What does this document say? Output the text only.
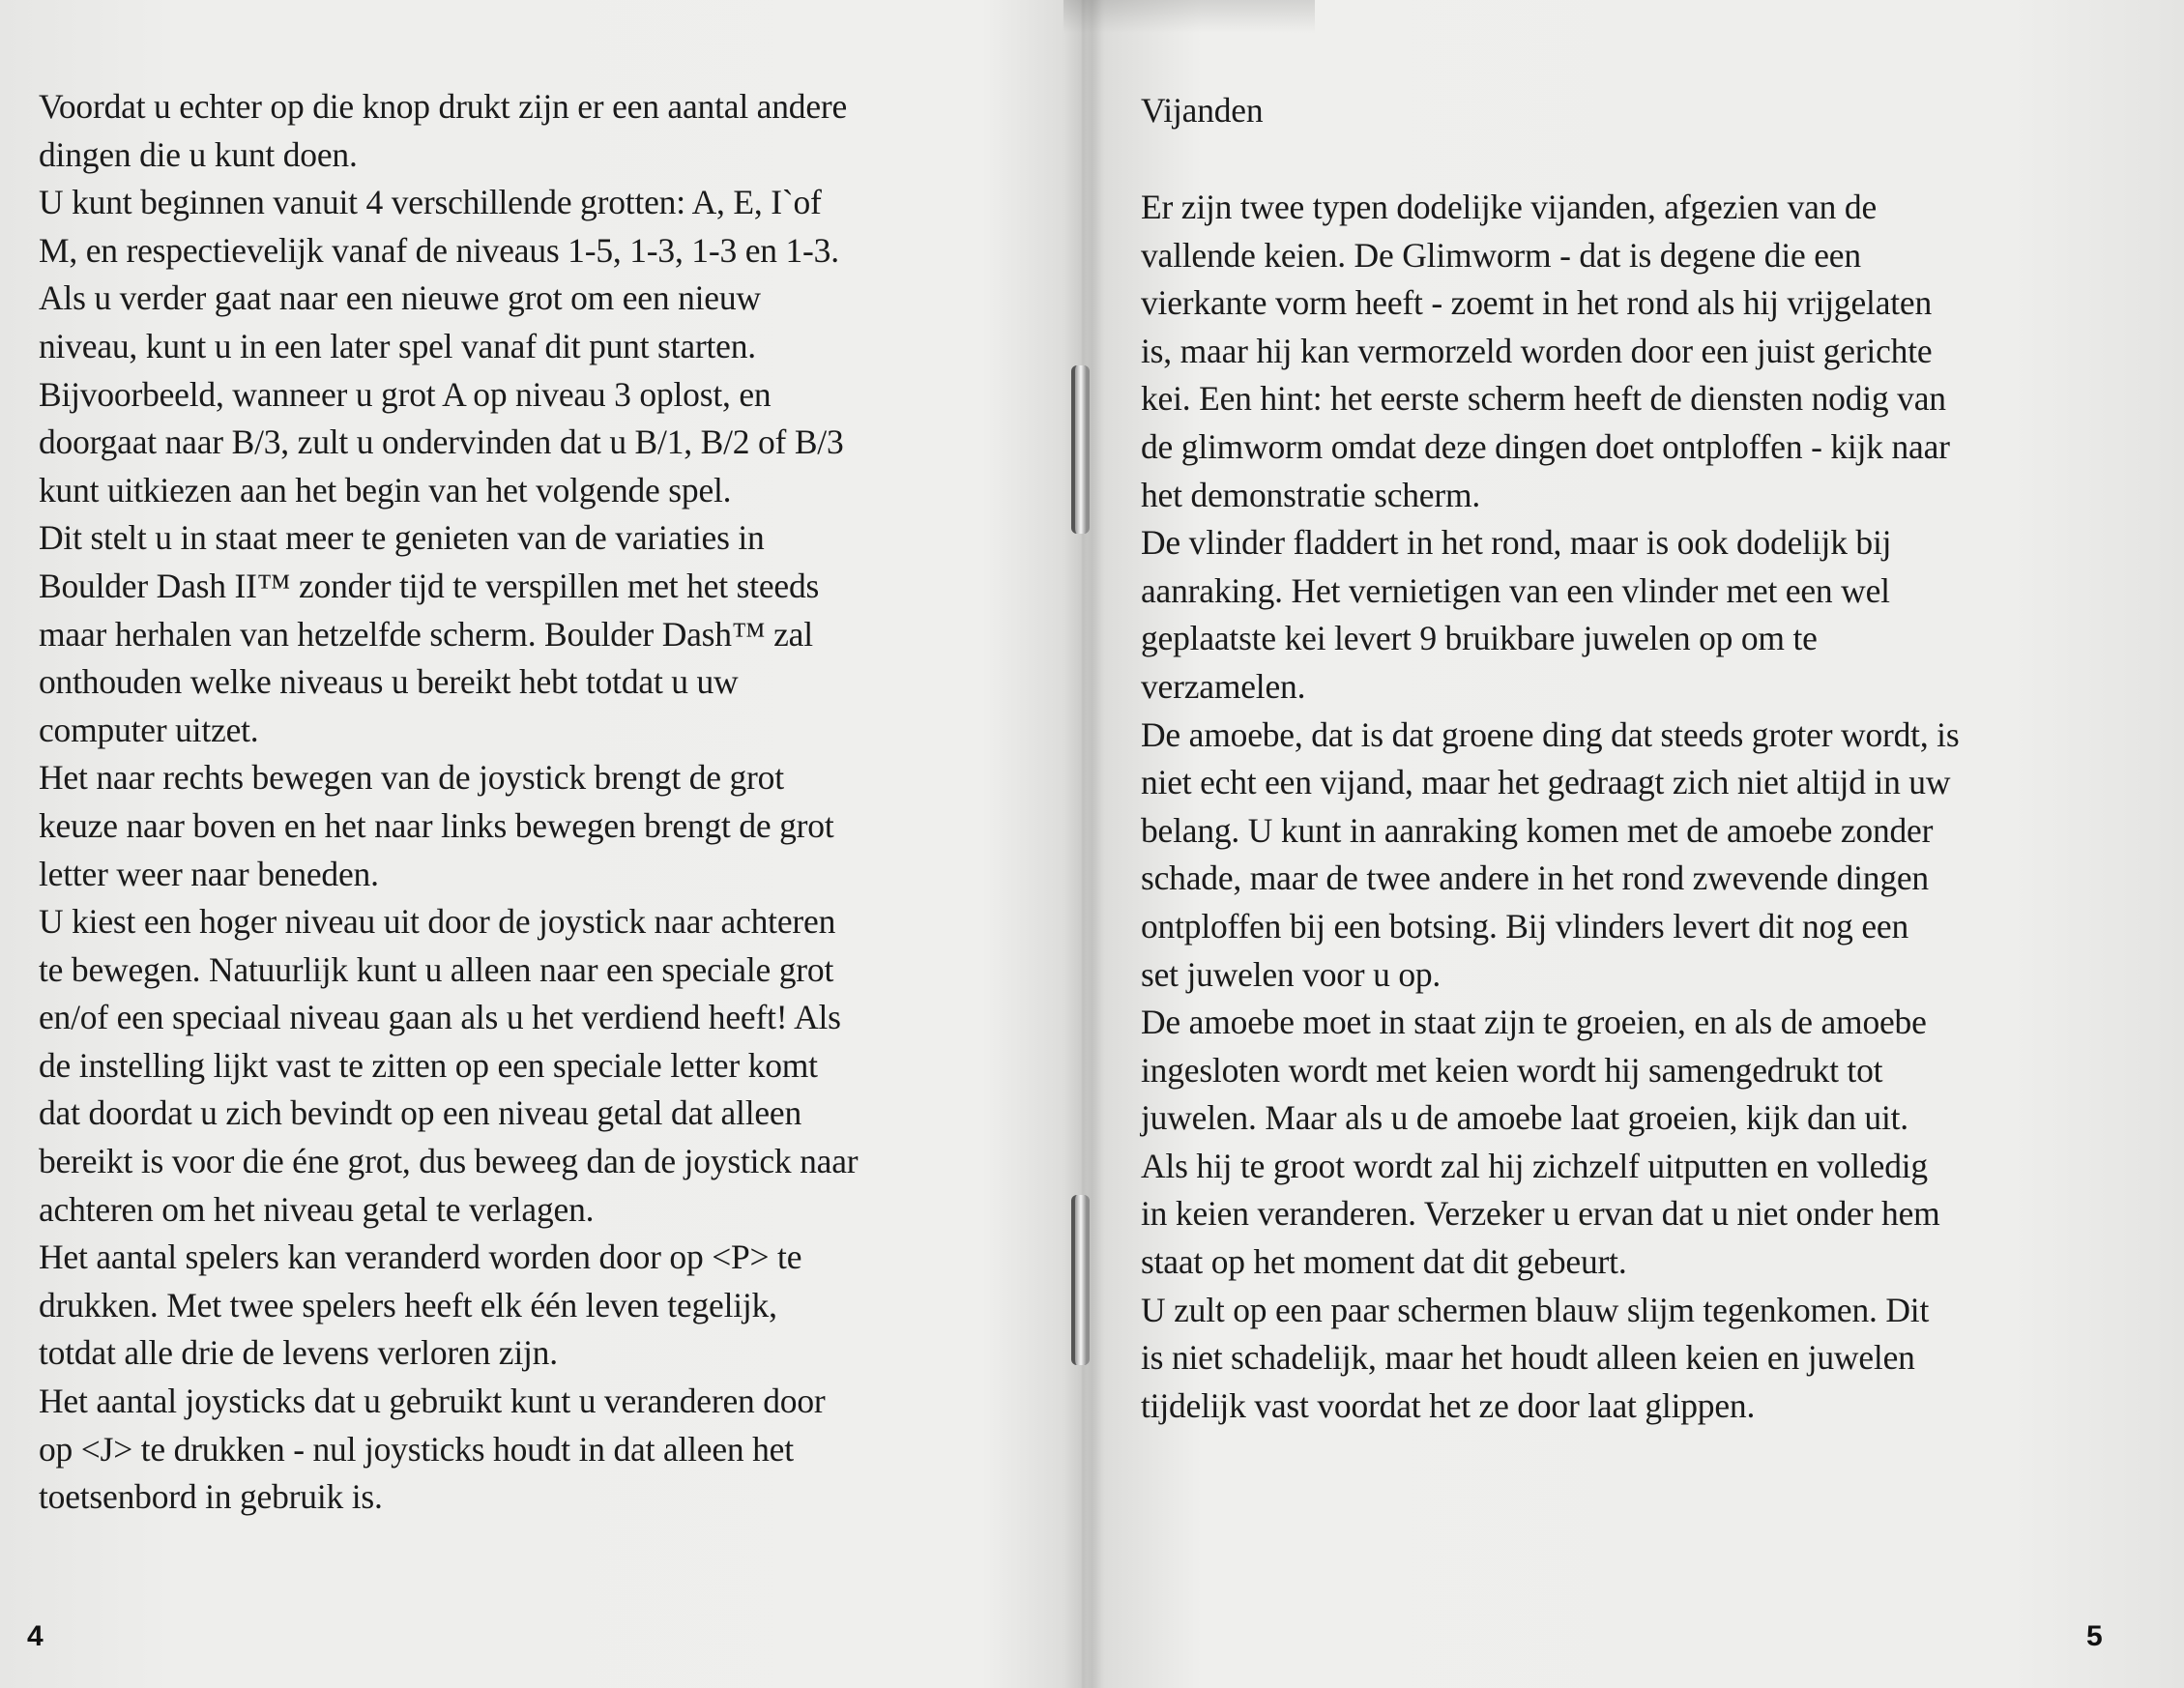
Voordat u echter op die knop drukt zijn er een aantal andere
dingen die u kunt doen.
U kunt beginnen vanuit 4 verschillende grotten: A, E, I`of
M, en respectievelijk vanaf de niveaus 1-5, 1-3, 1-3 en 1-3.
Als u verder gaat naar een nieuwe grot om een nieuw
niveau, kunt u in een later spel vanaf dit punt starten.
Bijvoorbeeld, wanneer u grot A op niveau 3 oplost, en
doorgaat naar B/3, zult u ondervinden dat u B/1, B/2 of B/3
kunt uitkiezen aan het begin van het volgende spel.
Dit stelt u in staat meer te genieten van de variaties in
Boulder Dash II™ zonder tijd te verspillen met het steeds
maar herhalen van hetzelfde scherm. Boulder Dash™ zal
onthouden welke niveaus u bereikt hebt totdat u uw
computer uitzet.
Het naar rechts bewegen van de joystick brengt de grot
keuze naar boven en het naar links bewegen brengt de grot
letter weer naar beneden.
U kiest een hoger niveau uit door de joystick naar achteren
te bewegen. Natuurlijk kunt u alleen naar een speciale grot
en/of een speciaal niveau gaan als u het verdiend heeft! Als
de instelling lijkt vast te zitten op een speciale letter komt
dat doordat u zich bevindt op een niveau getal dat alleen
bereikt is voor die éne grot, dus beweeg dan de joystick naar
achteren om het niveau getal te verlagen.
Het aantal spelers kan veranderd worden door op <P> te
drukken. Met twee spelers heeft elk één leven tegelijk,
totdat alle drie de levens verloren zijn.
Het aantal joysticks dat u gebruikt kunt u veranderen door
op <J> te drukken - nul joysticks houdt in dat alleen het
toetsenbord in gebruik is.
4
Vijanden
Er zijn twee typen dodelijke vijanden, afgezien van de
vallende keien. De Glimworm - dat is degene die een
vierkante vorm heeft - zoemt in het rond als hij vrijgelaten
is, maar hij kan vermorzeld worden door een juist gerichte
kei. Een hint: het eerste scherm heeft de diensten nodig van
de glimworm omdat deze dingen doet ontploffen - kijk naar
het demonstratie scherm.
De vlinder fladdert in het rond, maar is ook dodelijk bij
aanraking. Het vernietigen van een vlinder met een wel
geplaatste kei levert 9 bruikbare juwelen op om te
verzamelen.
De amoebe, dat is dat groene ding dat steeds groter wordt, is
niet echt een vijand, maar het gedraagt zich niet altijd in uw
belang. U kunt in aanraking komen met de amoebe zonder
schade, maar de twee andere in het rond zwevende dingen
ontploffen bij een botsing. Bij vlinders levert dit nog een
set juwelen voor u op.
De amoebe moet in staat zijn te groeien, en als de amoebe
ingesloten wordt met keien wordt hij samengedrukt tot
juwelen. Maar als u de amoebe laat groeien, kijk dan uit.
Als hij te groot wordt zal hij zichzelf uitputten en volledig
in keien veranderen. Verzeker u ervan dat u niet onder hem
staat op het moment dat dit gebeurt.
U zult op een paar schermen blauw slijm tegenkomen. Dit
is niet schadelijk, maar het houdt alleen keien en juwelen
tijdelijk vast voordat het ze door laat glippen.
5
